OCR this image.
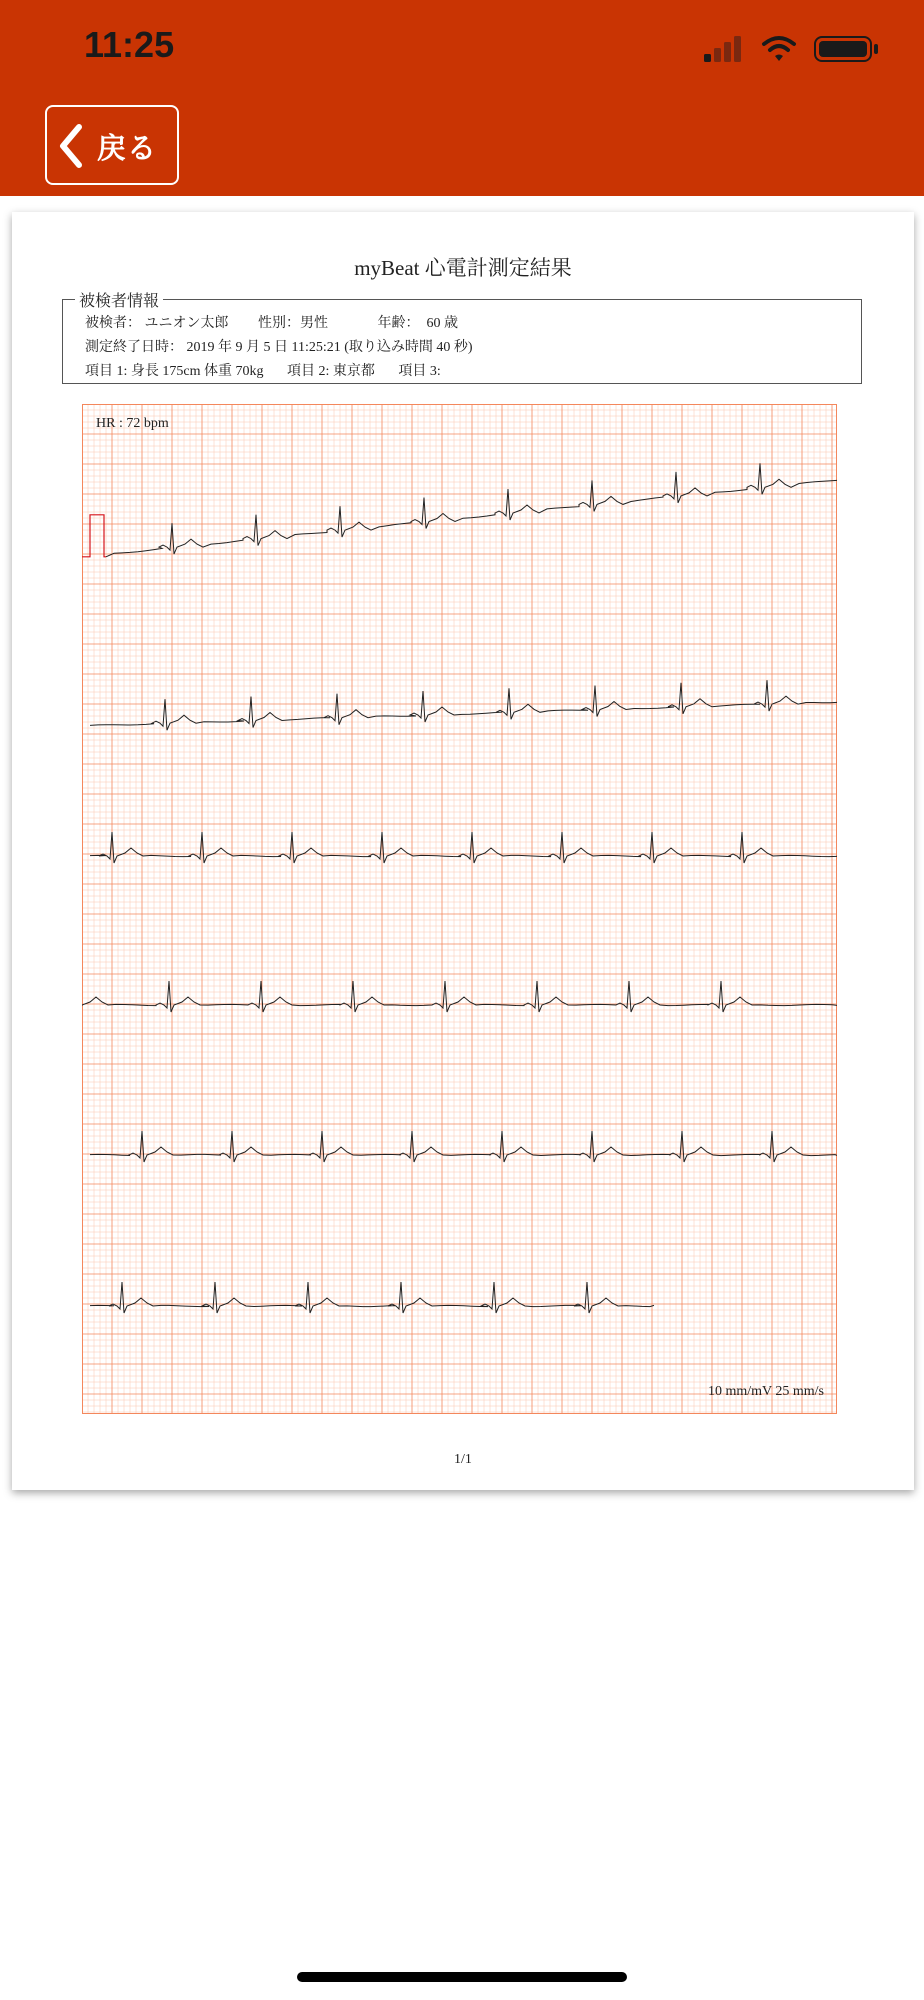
11:25
戻る
myBeat 心電計測定結果
被検者情報
被検者： ユニオン太郎 性別：男性	年齢：　60 歳
測定終了日時： 2019 年 9 月 5 日 11:25:21 (取り込み時間 40 秒)
項目 1: 身長 175cm 体重 70kg 項目 2: 東京都 項目 3:
HR : 72 bpm
10 mm/mV 25 mm/s
1/1
